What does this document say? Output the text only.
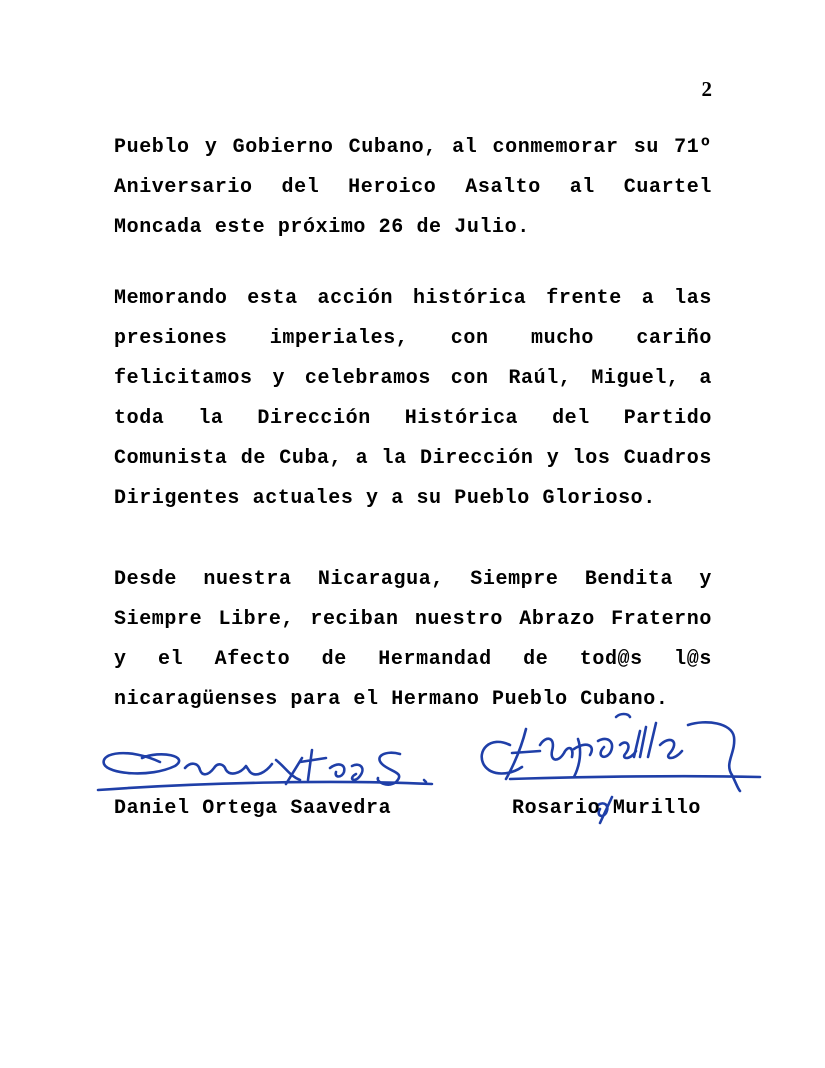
2
Pueblo y Gobierno Cubano, al conmemorar su 71º Aniversario del Heroico Asalto al Cuartel Moncada este próximo 26 de Julio.
Memorando esta acción histórica frente a las presiones imperiales, con mucho cariño felicitamos y celebramos con Raúl, Miguel, a toda la Dirección Histórica del Partido Comunista de Cuba, a la Dirección y los Cuadros Dirigentes actuales y a su Pueblo Glorioso.
Desde nuestra Nicaragua, Siempre Bendita y Siempre Libre, reciban nuestro Abrazo Fraterno y el Afecto de Hermandad de tod@s l@s nicaragüenses para el Hermano Pueblo Cubano.
Daniel Ortega Saavedra	Rosario Murillo
